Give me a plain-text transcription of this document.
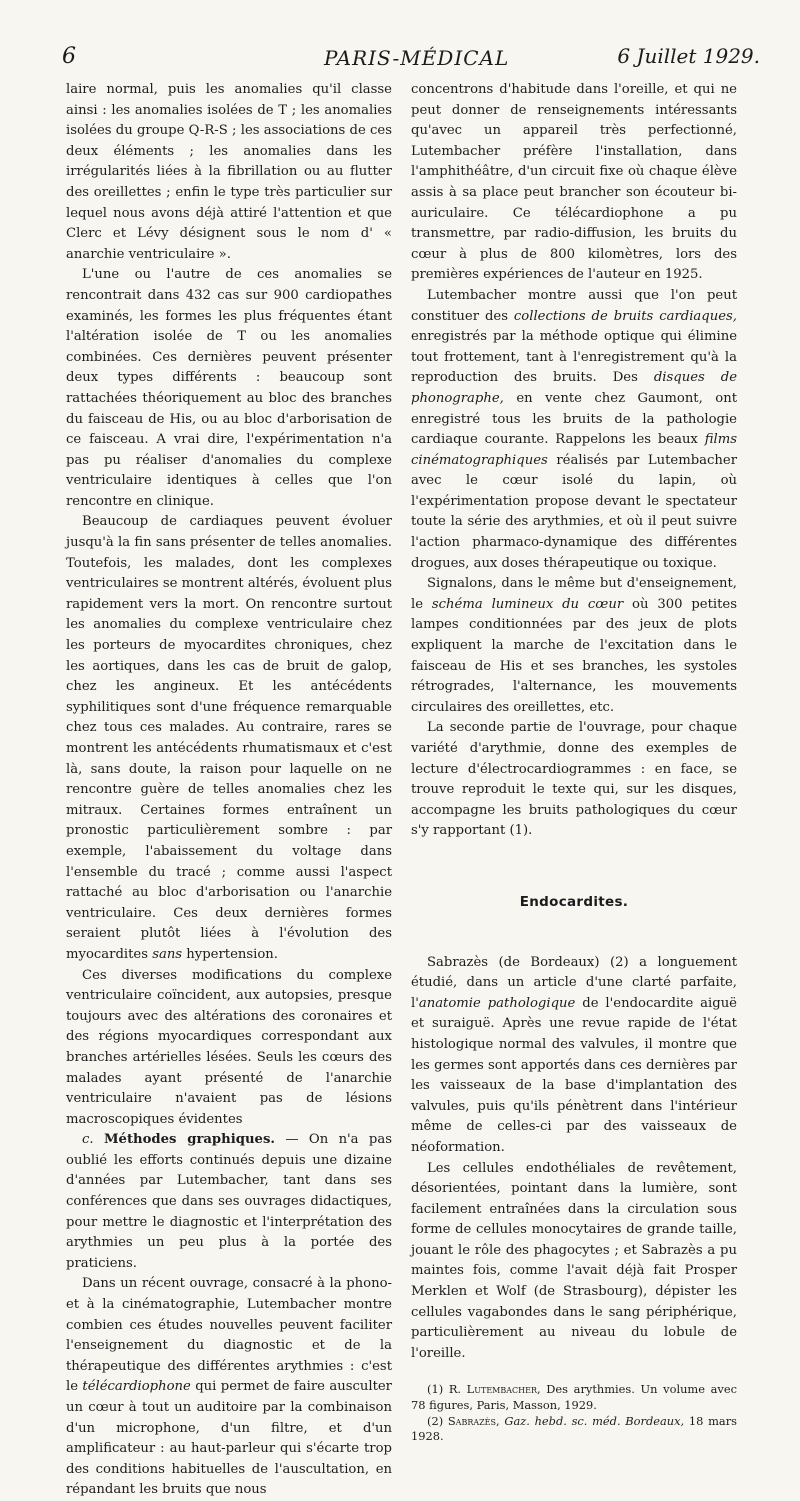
6	PARIS-MÉDICAL	6 Juillet 1929.

laire normal, puis les anomalies qu'il classe ainsi : les anomalies isolées de T ; les anomalies isolées du groupe Q-R-S ; les associations de ces deux éléments ; les anomalies dans les irrégularités liées à la fibrillation ou au flutter des oreillettes ; enfin le type très particulier sur lequel nous avons déjà attiré l'attention et que Clerc et Lévy désignent sous le nom d' « anarchie ventriculaire ».

L'une ou l'autre de ces anomalies se rencontrait dans 432 cas sur 900 cardiopathes examinés, les formes les plus fréquentes étant l'altération isolée de T ou les anomalies combinées. Ces dernières peuvent présenter deux types différents : beaucoup sont rattachées théoriquement au bloc des branches du faisceau de His, ou au bloc d'arborisation de ce faisceau. A vrai dire, l'expérimentation n'a pas pu réaliser d'anomalies du complexe ventriculaire identiques à celles que l'on rencontre en clinique.

Beaucoup de cardiaques peuvent évoluer jusqu'à la fin sans présenter de telles anomalies. Toutefois, les malades, dont les complexes ventriculaires se montrent altérés, évoluent plus rapidement vers la mort. On rencontre surtout les anomalies du complexe ventriculaire chez les porteurs de myocardites chroniques, chez les aortiques, dans les cas de bruit de galop, chez les angineux. Et les antécédents syphilitiques sont d'une fréquence remarquable chez tous ces malades. Au contraire, rares se montrent les antécédents rhumatismaux et c'est là, sans doute, la raison pour laquelle on ne rencontre guère de telles anomalies chez les mitraux. Certaines formes entraînent un pronostic particulièrement sombre : par exemple, l'abaissement du voltage dans l'ensemble du tracé ; comme aussi l'aspect rattaché au bloc d'arborisation ou l'anarchie ventriculaire. Ces deux dernières formes seraient plutôt liées à l'évolution des myocardites sans hypertension.

Ces diverses modifications du complexe ventriculaire coïncident, aux autopsies, presque toujours avec des altérations des coronaires et des régions myocardiques correspondant aux branches artérielles lésées. Seuls les cœurs des malades ayant présenté de l'anarchie ventriculaire n'avaient pas de lésions macroscopiques évidentes

c. Méthodes graphiques. — On n'a pas oublié les efforts continués depuis une dizaine d'années par Lutembacher, tant dans ses conférences que dans ses ouvrages didactiques, pour mettre le diagnostic et l'interprétation des arythmies un peu plus à la portée des praticiens.

Dans un récent ouvrage, consacré à la phono- et à la cinématographie, Lutembacher montre combien ces études nouvelles peuvent faciliter l'enseignement du diagnostic et de la thérapeutique des différentes arythmies : c'est le télécardiophone qui permet de faire ausculter un cœur à tout un auditoire par la combinaison d'un microphone, d'un filtre, et d'un amplificateur : au haut-parleur qui s'écarte trop des conditions habituelles de l'auscultation, en répandant les bruits que nous

concentrons d'habitude dans l'oreille, et qui ne peut donner de renseignements intéressants qu'avec un appareil très perfectionné, Lutembacher préfère l'installation, dans l'amphithéâtre, d'un circuit fixe où chaque élève assis à sa place peut brancher son écouteur bi-auriculaire. Ce télécardiophone a pu transmettre, par radio-diffusion, les bruits du cœur à plus de 800 kilomètres, lors des premières expériences de l'auteur en 1925.

Lutembacher montre aussi que l'on peut constituer des collections de bruits cardiaques, enregistrés par la méthode optique qui élimine tout frottement, tant à l'enregistrement qu'à la reproduction des bruits. Des disques de phonographe, en vente chez Gaumont, ont enregistré tous les bruits de la pathologie cardiaque courante. Rappelons les beaux films cinématographiques réalisés par Lutembacher avec le cœur isolé du lapin, où l'expérimentation propose devant le spectateur toute la série des arythmies, et où il peut suivre l'action pharmaco-dynamique des différentes drogues, aux doses thérapeutique ou toxique.

Signalons, dans le même but d'enseignement, le schéma lumineux du cœur où 300 petites lampes conditionnées par des jeux de plots expliquent la marche de l'excitation dans le faisceau de His et ses branches, les systoles rétrogrades, l'alternance, les mouvements circulaires des oreillettes, etc.

La seconde partie de l'ouvrage, pour chaque variété d'arythmie, donne des exemples de lecture d'électrocardiogrammes : en face, se trouve reproduit le texte qui, sur les disques, accompagne les bruits pathologiques du cœur s'y rapportant (1).

Endocardites.

Sabrazès (de Bordeaux) (2) a longuement étudié, dans un article d'une clarté parfaite, l'anatomie pathologique de l'endocardite aiguë et suraiguë. Après une revue rapide de l'état histologique normal des valvules, il montre que les germes sont apportés dans ces dernières par les vaisseaux de la base d'implantation des valvules, puis qu'ils pénètrent dans l'intérieur même de celles-ci par des vaisseaux de néoformation.

Les cellules endothéliales de revêtement, désorientées, pointant dans la lumière, sont facilement entraînées dans la circulation sous forme de cellules monocytaires de grande taille, jouant le rôle des phagocytes ; et Sabrazès a pu maintes fois, comme l'avait déjà fait Prosper Merklen et Wolf (de Strasbourg), dépister les cellules vagabondes dans le sang périphérique, particulièrement au niveau du lobule de l'oreille.

(1) R. Lutembacher, Des arythmies. Un volume avec 78 figures, Paris, Masson, 1929.

(2) Sabrazès, Gaz. hebd. sc. méd. Bordeaux, 18 mars 1928.
